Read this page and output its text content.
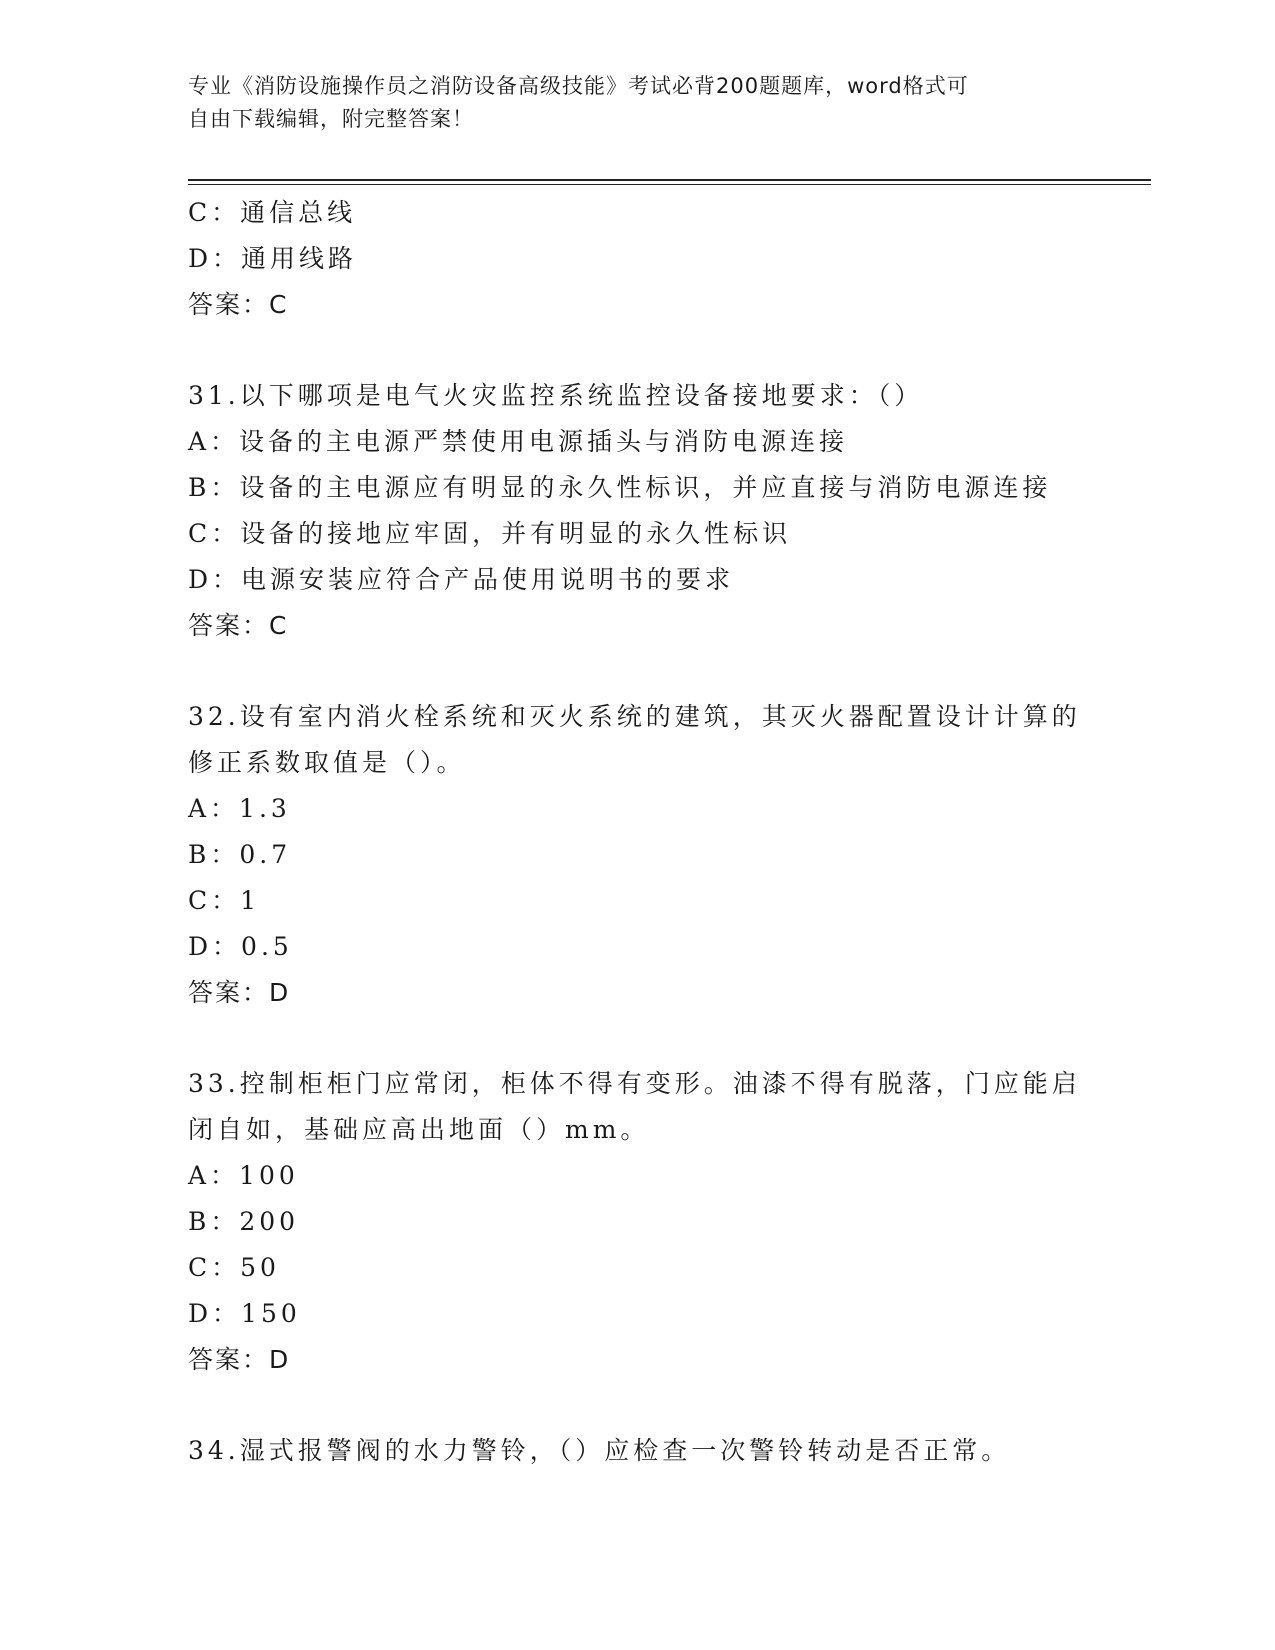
专业《消防设施操作员之消防设备高级技能》考试必背200题题库，word格式可
自由下载编辑，附完整答案！
C：通信总线
D：通用线路
答案：C
31.以下哪项是电气火灾监控系统监控设备接地要求：（）
A：设备的主电源严禁使用电源插头与消防电源连接
B：设备的主电源应有明显的永久性标识，并应直接与消防电源连接
C：设备的接地应牢固，并有明显的永久性标识
D：电源安装应符合产品使用说明书的要求
答案：C
32.设有室内消火栓系统和灭火系统的建筑，其灭火器配置设计计算的
修正系数取值是（）。
A：1.3
B：0.7
C：1
D：0.5
答案：D
33.控制柜柜门应常闭，柜体不得有变形。油漆不得有脱落，门应能启
闭自如，基础应高出地面（）mm。
A：100
B：200
C：50
D：150
答案：D
34.湿式报警阀的水力警铃，（）应检查一次警铃转动是否正常。
